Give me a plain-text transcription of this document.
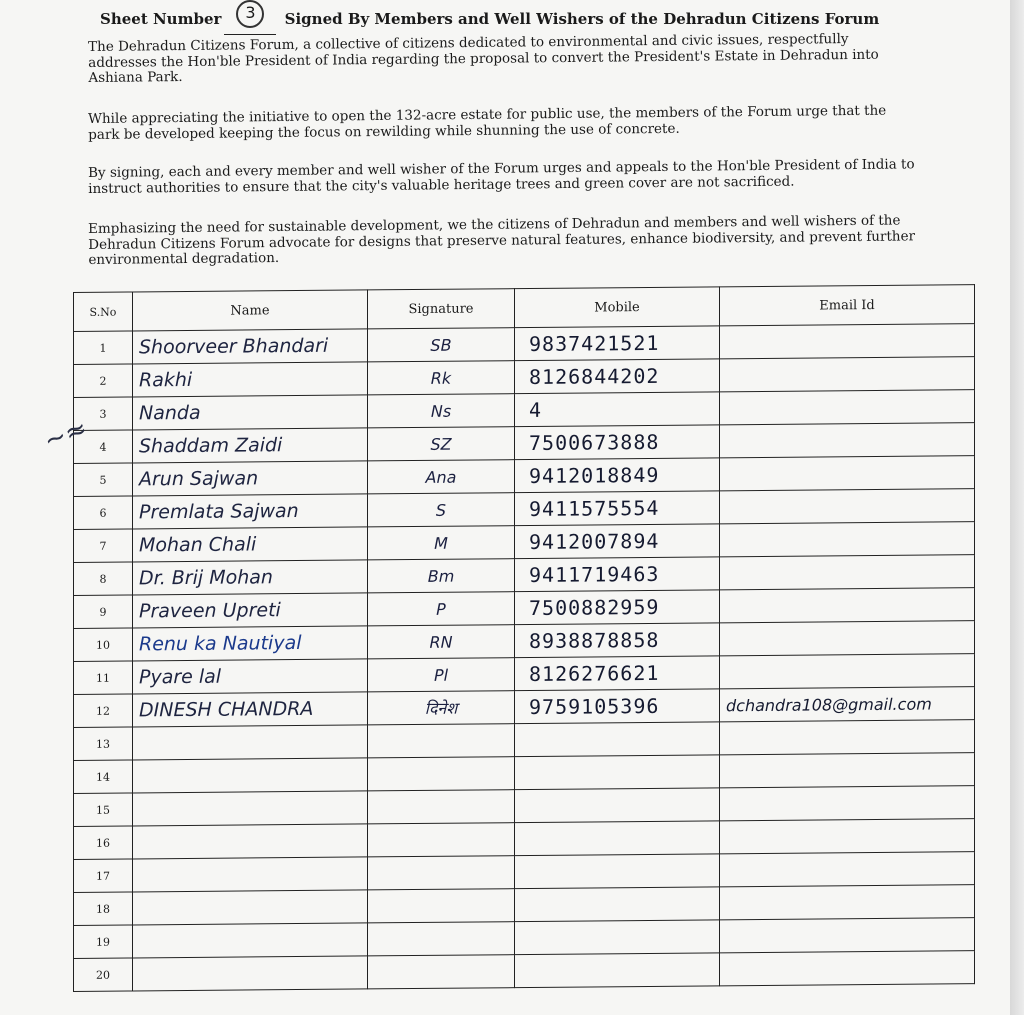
Sheet Number 3 Signed By Members and Well Wishers of the Dehradun Citizens Forum
The Dehradun Citizens Forum, a collective of citizens dedicated to environmental and civic issues, respectfully addresses the Hon'ble President of India regarding the proposal to convert the President's Estate in Dehradun into Ashiana Park.
While appreciating the initiative to open the 132-acre estate for public use, the members of the Forum urge that the park be developed keeping the focus on rewilding while shunning the use of concrete.
By signing, each and every member and well wisher of the Forum urges and appeals to the Hon'ble President of India to instruct authorities to ensure that the city's valuable heritage trees and green cover are not sacrificed.
Emphasizing the need for sustainable development, we the citizens of Dehradun and members and well wishers of the Dehradun Citizens Forum advocate for designs that preserve natural features, enhance biodiversity, and prevent further environmental degradation.
S.No	Name	Signature	Mobile	Email Id
1	Shoorveer Bhandari	SB	9837421521	
2	Rakhi	Rk	8126844202	
3	Nanda	Ns	4	
4	Shaddam Zaidi	SZ	7500673888	
5	Arun Sajwan	Ana	9412018849	
6	Premlata Sajwan	S	9411575554	
7	Mohan Chali	M	9412007894	
8	Dr. Brij Mohan	Bm	9411719463	
9	Praveen Upreti	P	7500882959	
10	Renu ka Nautiyal	RN	8938878858	
11	Pyare lal	Pl	8126276621	
12	DINESH CHANDRA	दिनेश	9759105396	dchandra108@gmail.com
13				
14				
15				
16				
17				
18				
19				
20				
~≈
